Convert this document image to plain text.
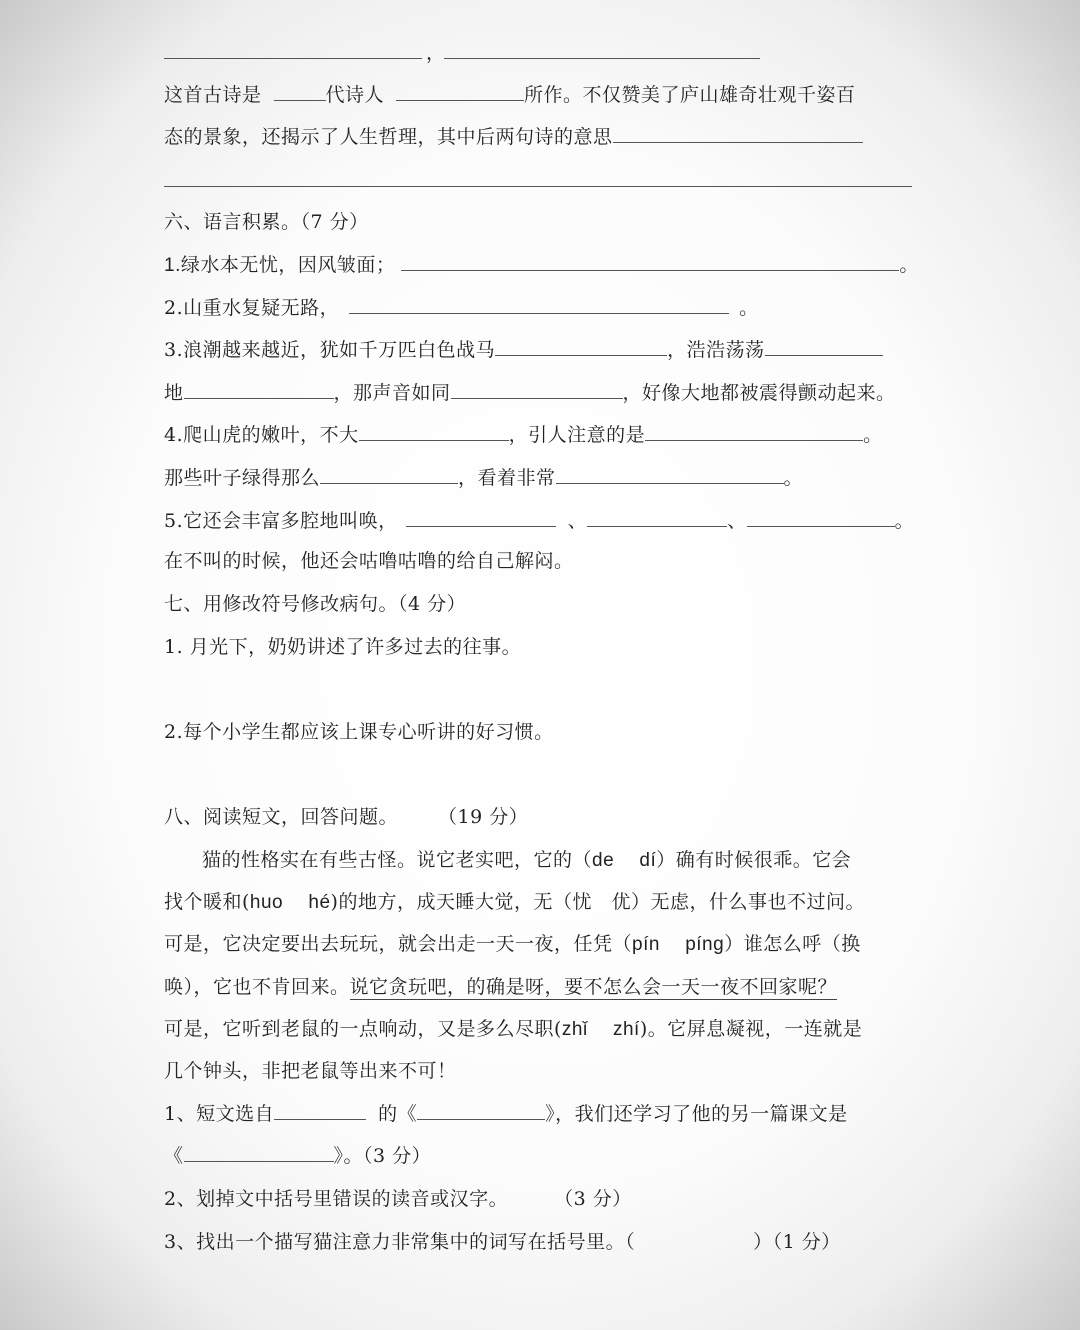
，
这首古诗是	代诗人	所作。不仅赞美了庐山雄奇壮观千姿百
态的景象，还揭示了人生哲理，其中后两句诗的意思
六、语言积累。（7 分）
1.绿水本无忧，因风皱面；	。
2.山重水复疑无路，	。
3.浪潮越来越近，犹如千万匹白色战马	，浩浩荡荡
地	，那声音如同	，好像大地都被震得颤动起来。
4.爬山虎的嫩叶，不大	，引人注意的是	。
那些叶子绿得那么	，看着非常	。
5.它还会丰富多腔地叫唤，	、	、	。
在不叫的时候，他还会咕噜咕噜的给自己解闷。
七、用修改符号修改病句。（4 分）
1. 月光下，奶奶讲述了许多过去的往事。
2.每个小学生都应该上课专心听讲的好习惯。
八、阅读短文，回答问题。 （19 分）
猫的性格实在有些古怪。说它老实吧，它的（de　 dí）确有时候很乖。它会
找个暖和(huo　 hé)的地方，成天睡大觉，无（忧　优）无虑，什么事也不过问。
可是，它决定要出去玩玩，就会出走一天一夜，任凭（pín　 píng）谁怎么呼（换
唤），它也不肯回来。说它贪玩吧，的确是呀，要不怎么会一天一夜不回家呢？
可是，它听到老鼠的一点响动，又是多么尽职(zhǐ　 zhí)。它屏息凝视，一连就是
几个钟头，非把老鼠等出来不可！
1、短文选自	的《	》，我们还学习了他的另一篇课文是
《	》。（3 分）
2、划掉文中括号里错误的读音或汉字。 （3 分）
3、找出一个描写猫注意力非常集中的词写在括号里。（	）（1 分）
